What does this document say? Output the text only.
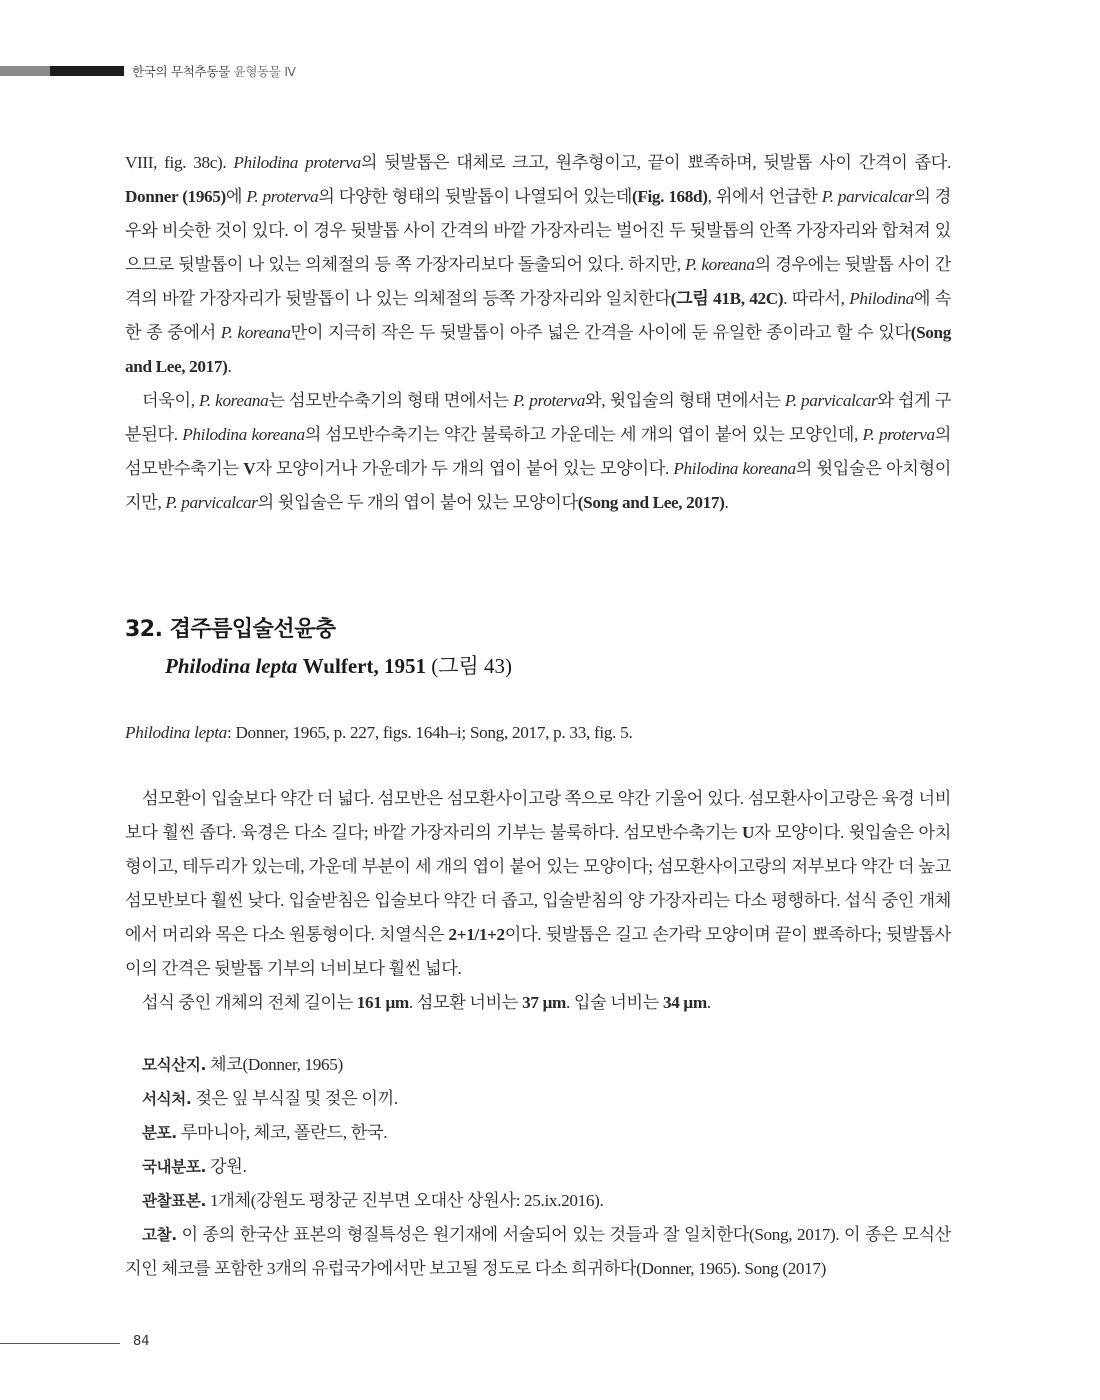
한국의 무척추동물 윤형동물 Ⅳ

VIII, fig. 38c). Philodina proterva의 뒷발톱은 대체로 크고, 원추형이고, 끝이 뾰족하며, 뒷발톱 사이 간격이 좁다. Donner (1965)에 P. proterva의 다양한 형태의 뒷발톱이 나열되어 있는데(Fig. 168d), 위에서 언급한 P. parvicalcar의 경우와 비슷한 것이 있다. 이 경우 뒷발톱 사이 간격의 바깥 가장자리는 벌어진 두 뒷발톱의 안쪽 가장자리와 합쳐져 있으므로 뒷발톱이 나 있는 의체절의 등 쪽 가장자리보다 돌출되어 있다. 하지만, P. koreana의 경우에는 뒷발톱 사이 간격의 바깥 가장자리가 뒷발톱이 나 있는 의체절의 등쪽 가장자리와 일치한다(그림 41B, 42C). 따라서, Philodina에 속한 종 중에서 P. koreana만이 지극히 작은 두 뒷발톱이 아주 넓은 간격을 사이에 둔 유일한 종이라고 할 수 있다(Song and Lee, 2017).

더욱이, P. koreana는 섬모반수축기의 형태 면에서는 P. proterva와, 윗입술의 형태 면에서는 P. parvicalcar와 쉽게 구분된다. Philodina koreana의 섬모반수축기는 약간 불룩하고 가운데는 세 개의 엽이 붙어 있는 모양인데, P. proterva의 섬모반수축기는 V자 모양이거나 가운데가 두 개의 엽이 붙어 있는 모양이다. Philodina koreana의 윗입술은 아치형이지만, P. parvicalcar의 윗입술은 두 개의 엽이 붙어 있는 모양이다(Song and Lee, 2017).

32. 겹주름입술선윤충
Philodina lepta Wulfert, 1951 (그림 43)
Philodina lepta: Donner, 1965, p. 227, figs. 164h–i; Song, 2017, p. 33, fig. 5.

섬모환이 입술보다 약간 더 넓다. 섬모반은 섬모환사이고랑 쪽으로 약간 기울어 있다. 섬모환사이고랑은 육경 너비보다 훨씬 좁다. 육경은 다소 길다; 바깥 가장자리의 기부는 불룩하다. 섬모반수축기는 U자 모양이다. 윗입술은 아치형이고, 테두리가 있는데, 가운데 부분이 세 개의 엽이 붙어 있는 모양이다; 섬모환사이고랑의 저부보다 약간 더 높고 섬모반보다 훨씬 낮다. 입술받침은 입술보다 약간 더 좁고, 입술받침의 양 가장자리는 다소 평행하다. 섭식 중인 개체에서 머리와 목은 다소 원통형이다. 치열식은 2+1/1+2이다. 뒷발톱은 길고 손가락 모양이며 끝이 뾰족하다; 뒷발톱사이의 간격은 뒷발톱 기부의 너비보다 훨씬 넓다.

섭식 중인 개체의 전체 길이는 161 μm. 섬모환 너비는 37 μm. 입술 너비는 34 μm.

모식산지. 체코(Donner, 1965)

서식처. 젖은 잎 부식질 및 젖은 이끼.

분포. 루마니아, 체코, 폴란드, 한국.

국내분포. 강원.

관찰표본. 1개체(강원도 평창군 진부면 오대산 상원사: 25.ix.2016).

고찰. 이 종의 한국산 표본의 형질특성은 원기재에 서술되어 있는 것들과 잘 일치한다(Song, 2017). 이 종은 모식산지인 체코를 포함한 3개의 유럽국가에서만 보고될 정도로 다소 희귀하다(Donner, 1965). Song (2017)

84
